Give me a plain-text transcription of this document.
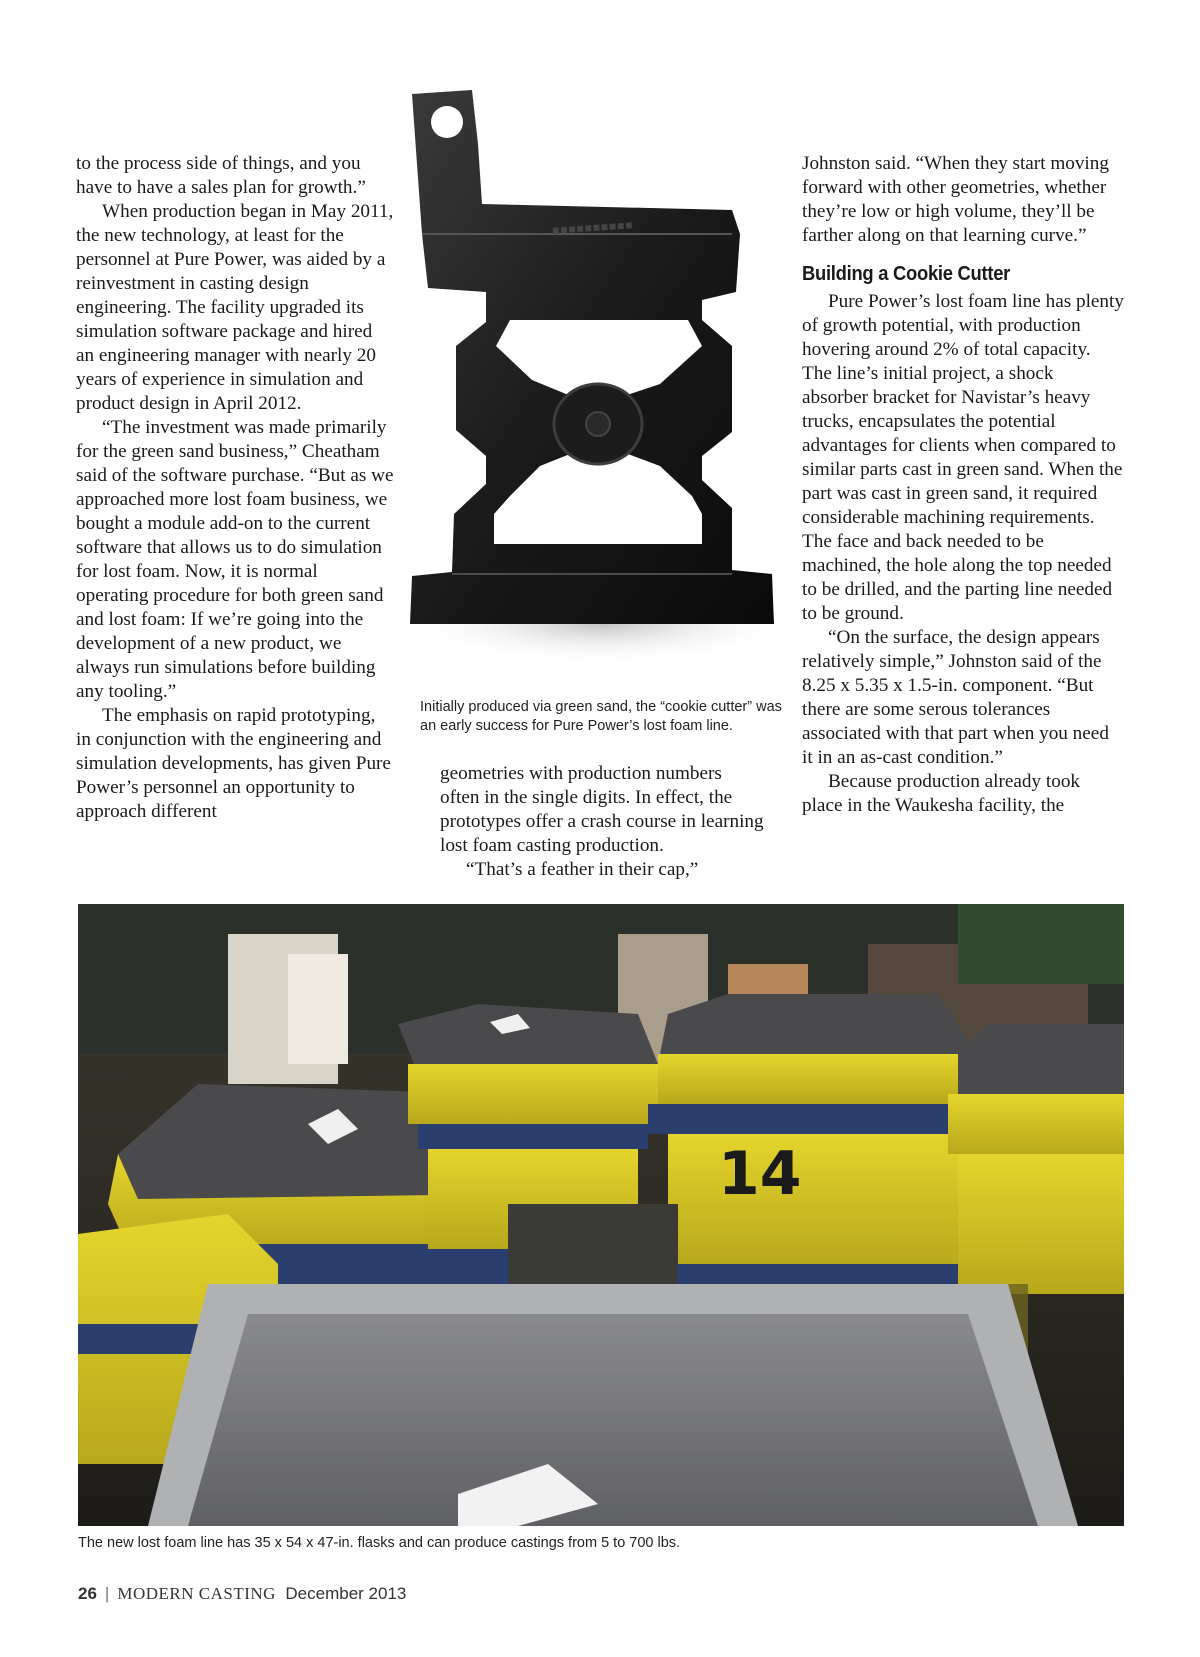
▪▪▪▪▪▪▪▪▪▪

to the process side of things, and you have to have a sales plan for growth.”

When production began in May 2011, the new technology, at least for the personnel at Pure Power, was aided by a reinvestment in casting design engineering. The facility upgraded its simulation software package and hired an engineering manager with nearly 20 years of experience in simulation and product design in April 2012.

“The investment was made primarily for the green sand business,” Cheatham said of the software purchase. “But as we approached more lost foam business, we bought a module add-on to the current software that allows us to do simulation for lost foam. Now, it is normal operating procedure for both green sand and lost foam: If we’re going into the development of a new product, we always run simulations before building any tooling.”

The emphasis on rapid prototyping, in conjunction with the engineering and simulation developments, has given Pure Power’s personnel an opportunity to approach different

Initially produced via green sand, the “cookie cutter” was an early success for Pure Power’s lost foam line.

geometries with production numbers often in the single digits. In effect, the prototypes offer a crash course in learning lost foam casting production.

“That’s a feather in their cap,”

Johnston said. “When they start moving forward with other geometries, whether they’re low or high volume, they’ll be farther along on that learning curve.”

Building a Cookie Cutter

Pure Power’s lost foam line has plenty of growth potential, with production hovering around 2% of total capacity. The line’s initial project, a shock absorber bracket for Navistar’s heavy trucks, encapsulates the potential advantages for clients when compared to similar parts cast in green sand. When the part was cast in green sand, it required considerable machining requirements. The face and back needed to be machined, the hole along the top needed to be drilled, and the parting line needed to be ground.

“On the surface, the design appears relatively simple,” Johnston said of the 8.25 x 5.35 x 1.5-in. component. “But there are some serous tolerances associated with that part when you need it in an as-cast condition.”

Because production already took place in the Waukesha facility, the

14
The new lost foam line has 35 x 54 x 47-in. flasks and can produce castings from 5 to 700 lbs.
26 | MODERN CASTING December 2013
